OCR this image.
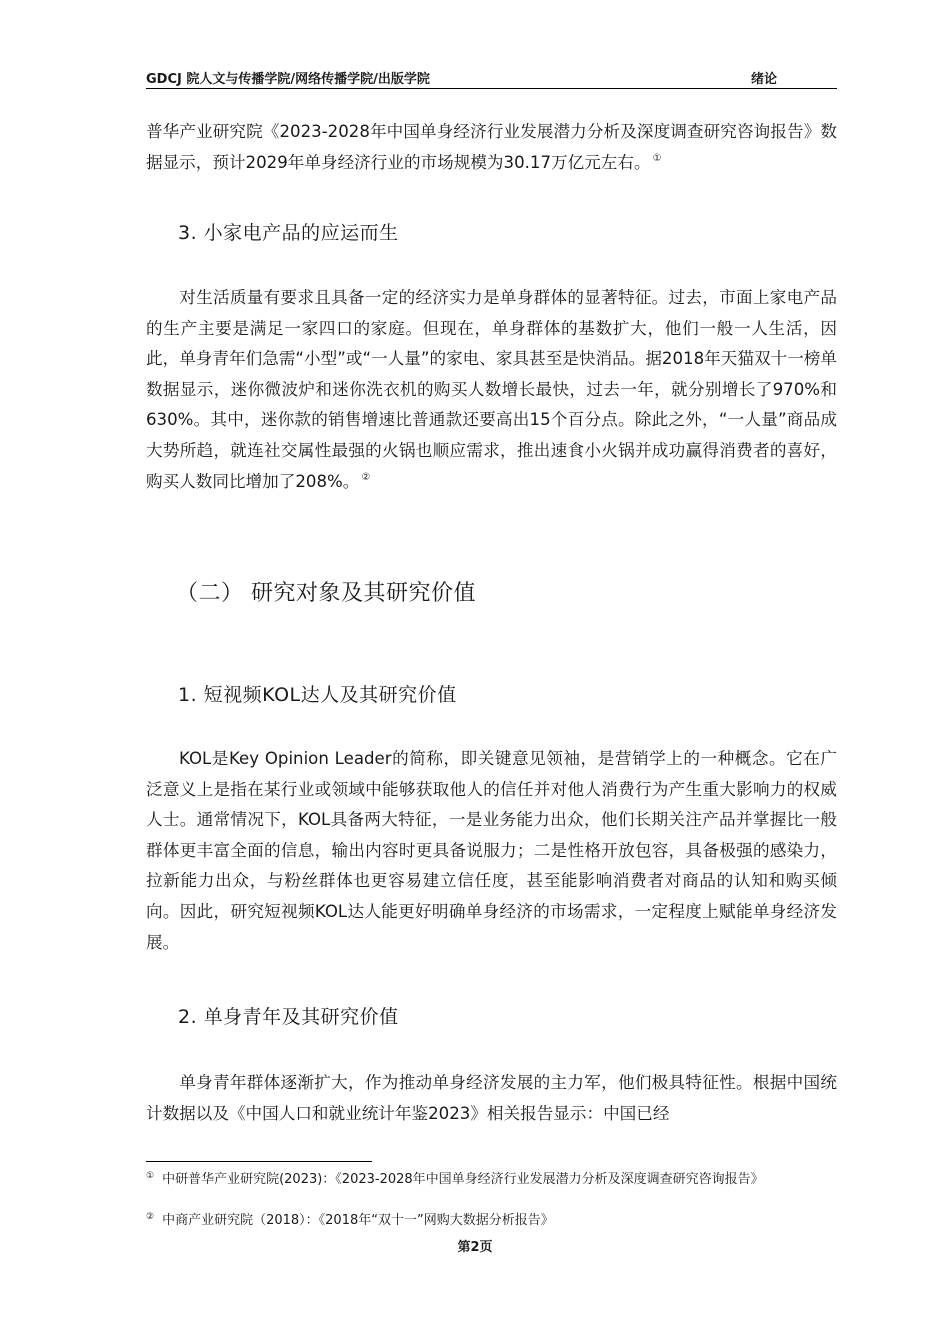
GDCJ 院人文与传播学院/网络传播学院/出版学院	绪论
普华产业研究院《2023-2028年中国单身经济行业发展潜力分析及深度调查研究咨询报告》数据显示，预计2029年单身经济行业的市场规模为30.17万亿元左右。 ①
3. 小家电产品的应运而生
对生活质量有要求且具备一定的经济实力是单身群体的显著特征。过去，市面上家电产品的生产主要是满足一家四口的家庭。但现在，单身群体的基数扩大，他们一般一人生活，因此，单身青年们急需“小型”或“一人量”的家电、家具甚至是快消品。据2018年天猫双十一榜单数据显示，迷你微波炉和迷你洗衣机的购买人数增长最快，过去一年，就分别增长了970%和630%。其中，迷你款的销售增速比普通款还要高出15个百分点。除此之外，“一人量”商品成大势所趋，就连社交属性最强的火锅也顺应需求，推出速食小火锅并成功赢得消费者的喜好，购买人数同比增加了208%。 ②
（二） 研究对象及其研究价值
1. 短视频KOL达人及其研究价值
KOL是Key Opinion Leader的简称，即关键意见领袖，是营销学上的一种概念。它在广泛意义上是指在某行业或领域中能够获取他人的信任并对他人消费行为产生重大影响力的权威人士。通常情况下，KOL具备两大特征，一是业务能力出众，他们长期关注产品并掌握比一般群体更丰富全面的信息，输出内容时更具备说服力；二是性格开放包容，具备极强的感染力，拉新能力出众，与粉丝群体也更容易建立信任度，甚至能影响消费者对商品的认知和购买倾向。因此，研究短视频KOL达人能更好明确单身经济的市场需求，一定程度上赋能单身经济发展。
2. 单身青年及其研究价值
单身青年群体逐渐扩大，作为推动单身经济发展的主力军，他们极具特征性。根据中国统计数据以及《中国人口和就业统计年鉴2023》相关报告显示：中国已经
① 中研普华产业研究院(2023)：《2023-2028年中国单身经济行业发展潜力分析及深度调查研究咨询报告》
② 中商产业研究院（2018）：《2018年“双十一”网购大数据分析报告》
第2页
